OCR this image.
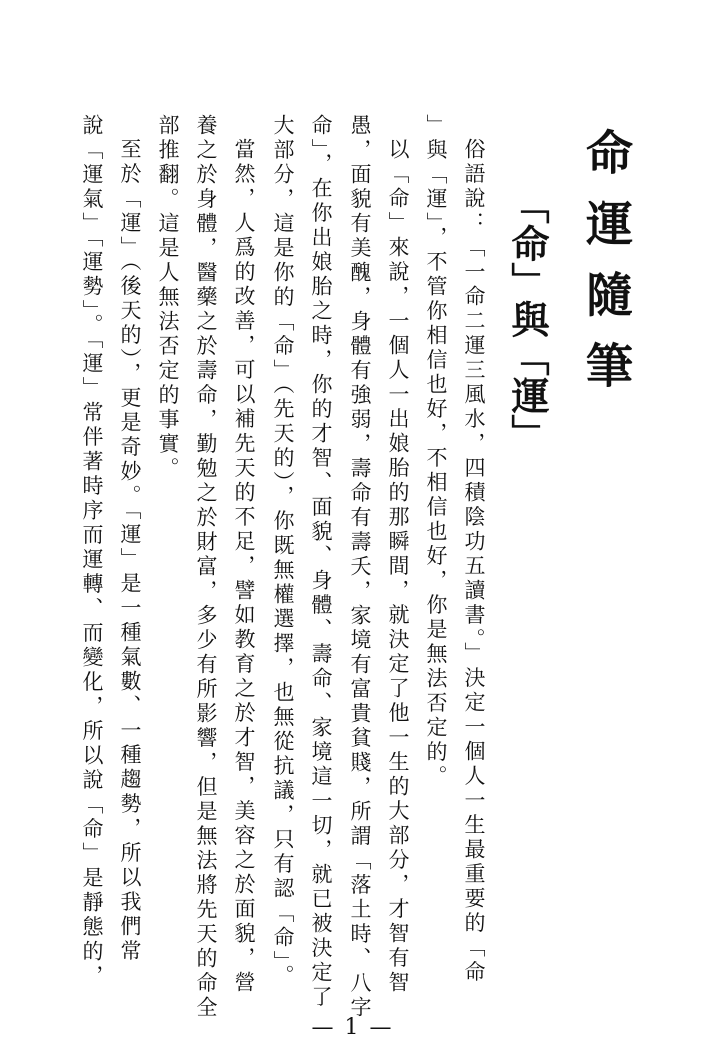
命運隨筆
「命」與「運」

俗語說：「一命二運三風水，四積陰功五讀書。」決定一個人一生最重要的「命

」與「運」，不管你相信也好，不相信也好，你是無法否定的。

以「命」來說，一個人一出娘胎的那瞬間，就決定了他一生的大部分，才智有智

愚，面貌有美醜，身體有強弱，壽命有壽夭，家境有富貴貧賤，所謂「落土時、八字

命」，在你出娘胎之時，你的才智、面貌、身體、壽命、家境這一切，就已被決定了

大部分，這是你的「命」（先天的），你既無權選擇，也無從抗議，只有認「命」。

當然，人爲的改善，可以補先天的不足，譬如教育之於才智，美容之於面貌，營

養之於身體，醫藥之於壽命，勤勉之於財富，多少有所影響，但是無法將先天的命全

部推翻。這是人無法否定的事實。

至於「運」（後天的），更是奇妙。「運」是一種氣數、一種趨勢，所以我們常

說「運氣」「運勢」。「運」常伴著時序而運轉、而變化，所以說「命」是靜態的，

— 1 —
